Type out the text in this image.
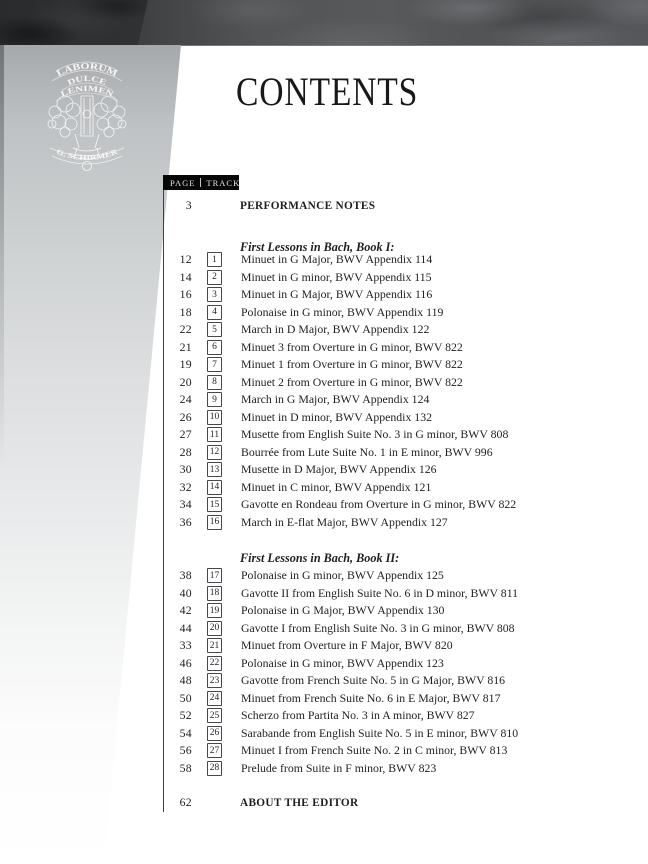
LABORUM
DULCE
LENIMEN
G. SCHIRMER
CONTENTS
PAGE TRACK
3	PERFORMANCE NOTES
First Lessons in Bach, Book I:
12 1 Minuet in G Major, BWV Appendix 114
14 2 Minuet in G minor, BWV Appendix 115
16 3 Minuet in G Major, BWV Appendix 116
18 4 Polonaise in G minor, BWV Appendix 119
22 5 March in D Major, BWV Appendix 122
21 6 Minuet 3 from Overture in G minor, BWV 822
19 7 Minuet 1 from Overture in G minor, BWV 822
20 8 Minuet 2 from Overture in G minor, BWV 822
24 9 March in G Major, BWV Appendix 124
26 10 Minuet in D minor, BWV Appendix 132
27 11 Musette from English Suite No. 3 in G minor, BWV 808
28 12 Bourrée from Lute Suite No. 1 in E minor, BWV 996
30 13 Musette in D Major, BWV Appendix 126
32 14 Minuet in C minor, BWV Appendix 121
34 15 Gavotte en Rondeau from Overture in G minor, BWV 822
36 16 March in E-flat Major, BWV Appendix 127
First Lessons in Bach, Book II:
38 17 Polonaise in G minor, BWV Appendix 125
40 18 Gavotte II from English Suite No. 6 in D minor, BWV 811
42 19 Polonaise in G Major, BWV Appendix 130
44 20 Gavotte I from English Suite No. 3 in G minor, BWV 808
33 21 Minuet from Overture in F Major, BWV 820
46 22 Polonaise in G minor, BWV Appendix 123
48 23 Gavotte from French Suite No. 5 in G Major, BWV 816
50 24 Minuet from French Suite No. 6 in E Major, BWV 817
52 25 Scherzo from Partita No. 3 in A minor, BWV 827
54 26 Sarabande from English Suite No. 5 in E minor, BWV 810
56 27 Minuet I from French Suite No. 2 in C minor, BWV 813
58 28 Prelude from Suite in F minor, BWV 823
62	ABOUT THE EDITOR
